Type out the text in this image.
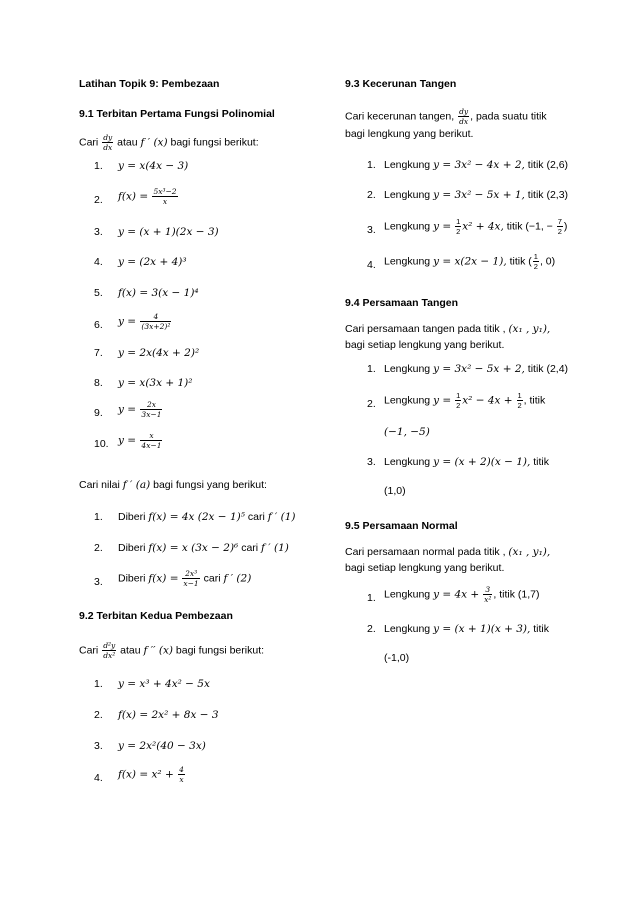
Latihan Topik 9: Pembezaan
9.1 Terbitan Pertama Fungsi Polinomial
Cari $\frac{dy}{dx}$ atau f ′ (x) bagi fungsi berikut:
1. y = x(4x − 3)
2. $f(x) = \frac{\text{5x³−2}}{x}$
3. y = (x + 1)(2x − 3)
4. y = (2x + 4)³
5. f(x) = 3(x − 1)⁴
6. $y = \frac{4}{\text{(3x+2)²}}$
7. y = 2x(4x + 2)²
8. y = x(3x + 1)²
9. $y = \frac{2x}{3x-1}$
10. $y = \frac{x}{4x-1}$
Cari nilai f ′ (a) bagi fungsi yang berikut:
1. Diberi f(x) = 4x (2x − 1)⁵ cari f ′ (1)
2. Diberi f(x) = x (3x − 2)⁶ cari f ′ (1)
3. Diberi $f(x) = \frac{\text{2x³}}{x-1}$ cari f ′ (2)
9.2 Terbitan Kedua Pembezaan
Cari $\frac{\text{d²y}}{\text{dx²}}$ atau f ′′ (x) bagi fungsi berikut:
1. y = x³ + 4x² − 5x
2. f(x) = 2x² + 8x − 3
3. y = 2x²(40 − 3x)
4. $f(x) = x^2 + \frac{4}{x}$
9.3 Kecerunan Tangen
Cari kecerunan tangen, $\frac{dy}{dx}$ , pada suatu titik
bagi lengkung yang berikut.
1. Lengkung y = 3x² − 4x + 2, titik (2,6)
2. Lengkung y = 3x² − 5x + 1, titik (2,3)
3. Lengkung $y = \frac{1}{2} x^2 + 4x$, titik (−1, − $\frac{7}{2}$ )
4. Lengkung y = x(2x − 1), titik ( $\frac{1}{2}$ , 0)
9.4 Persamaan Tangen
Cari persamaan tangen pada titik , (x₁ , y₁),
bagi setiap lengkung yang berikut.
1. Lengkung y = 3x² − 5x + 2, titik (2,4)
2. Lengkung $y = \frac{1}{2} x^2 - 4x + \frac{1}{2}$ , titik
(−1, −5)
3. Lengkung y = (x + 2)(x − 1), titik
(1,0)
9.5 Persamaan Normal
Cari persamaan normal pada titik , (x₁ , y₁),
bagi setiap lengkung yang berikut.
1. Lengkung $y = 4x + \frac{3}{\text{x²}}$ , titik (1,7)
2. Lengkung y = (x + 1)(x + 3), titik
(-1,0)
